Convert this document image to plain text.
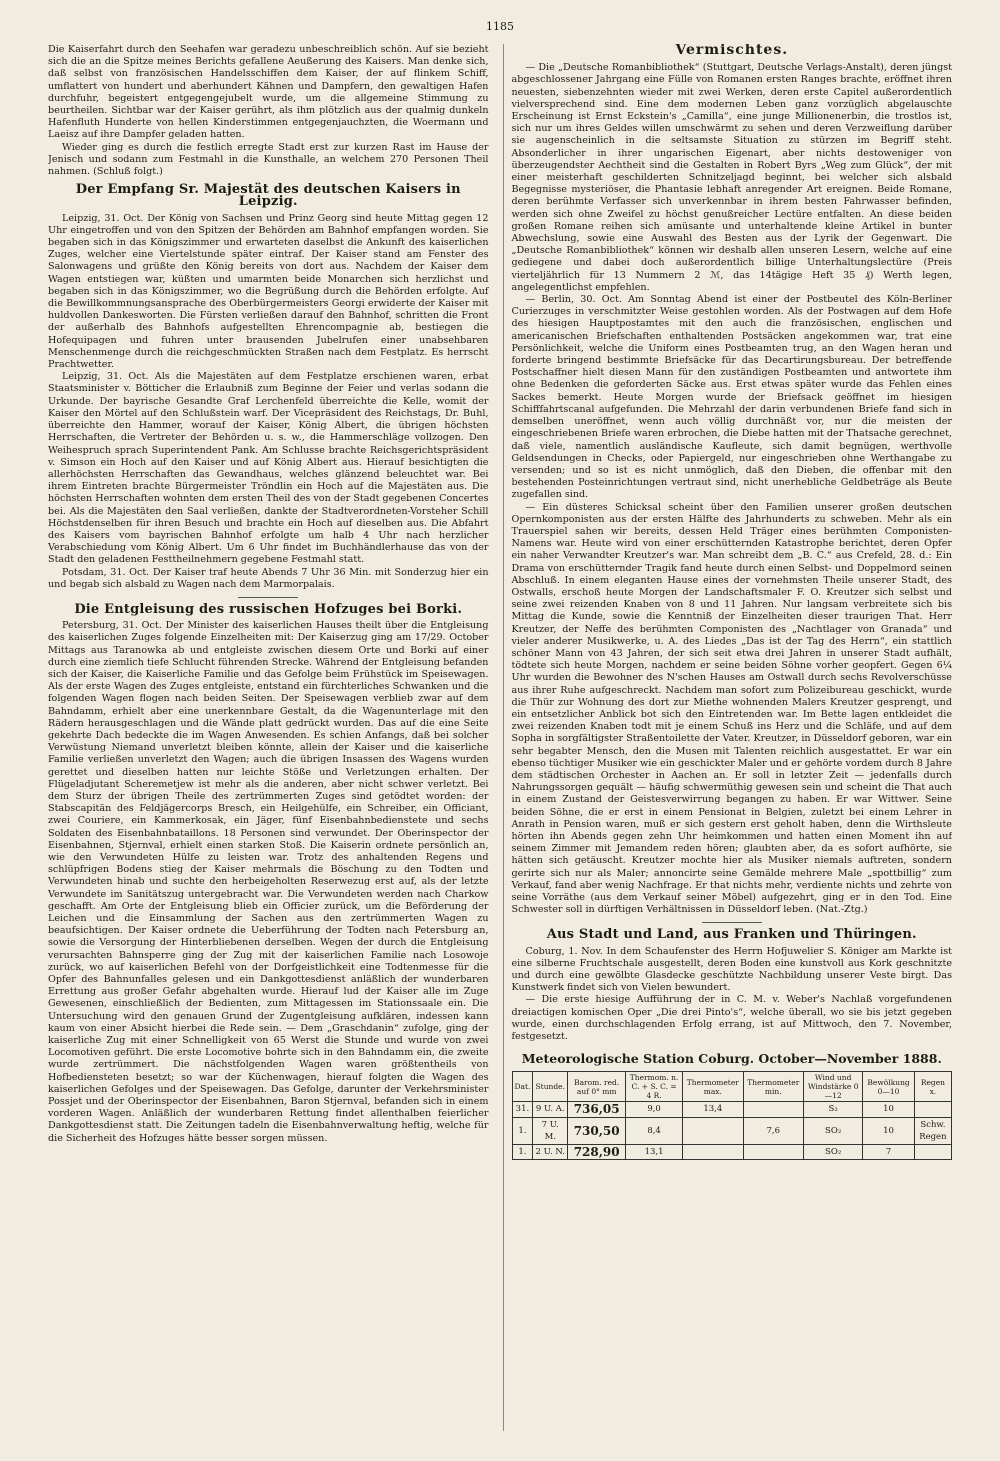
1185

Die Kaiserfahrt durch den Seehafen war geradezu unbeschreiblich schön. Auf sie bezieht sich die an die Spitze meines Berichts gefallene Aeußerung des Kaisers. Man denke sich, daß selbst von französischen Handelsschiffen dem Kaiser, der auf flinkem Schiff, umflattert von hundert und aberhundert Kähnen und Dampfern, den gewaltigen Hafen durchfuhr, begeistert entgegengejubelt wurde, um die allgemeine Stimmung zu beurtheilen. Sichtbar war der Kaiser gerührt, als ihm plötzlich aus der qualmig dunkeln Hafenfluth Hunderte von hellen Kinderstimmen entgegenjauchzten, die Woermann und Laeisz auf ihre Dampfer geladen hatten.

Wieder ging es durch die festlich erregte Stadt erst zur kurzen Rast im Hause der Jenisch und sodann zum Festmahl in die Kunsthalle, an welchem 270 Personen Theil nahmen. (Schluß folgt.)

Der Empfang Sr. Majestät des deutschen Kaisers in Leipzig.

Leipzig, 31. Oct. Der König von Sachsen und Prinz Georg sind heute Mittag gegen 12 Uhr eingetroffen und von den Spitzen der Behörden am Bahnhof empfangen worden. Sie begaben sich in das Königszimmer und erwarteten daselbst die Ankunft des kaiserlichen Zuges, welcher eine Viertelstunde später eintraf. Der Kaiser stand am Fenster des Salonwagens und grüßte den König bereits von dort aus. Nachdem der Kaiser dem Wagen entstiegen war, küßten und umarmten beide Monarchen sich herzlichst und begaben sich in das Königszimmer, wo die Begrüßung durch die Behörden erfolgte. Auf die Bewillkommnungsansprache des Oberbürgermeisters Georgi erwiderte der Kaiser mit huldvollen Dankesworten. Die Fürsten verließen darauf den Bahnhof, schritten die Front der außerhalb des Bahnhofs aufgestellten Ehrencompagnie ab, bestiegen die Hofequipagen und fuhren unter brausenden Jubelrufen einer unabsehbaren Menschenmenge durch die reichgeschmückten Straßen nach dem Festplatz. Es herrscht Prachtwetter.

Leipzig, 31. Oct. Als die Majestäten auf dem Festplatze erschienen waren, erbat Staatsminister v. Bötticher die Erlaubniß zum Beginne der Feier und verlas sodann die Urkunde. Der bayrische Gesandte Graf Lerchenfeld überreichte die Kelle, womit der Kaiser den Mörtel auf den Schlußstein warf. Der Vicepräsident des Reichstags, Dr. Buhl, überreichte den Hammer, worauf der Kaiser, König Albert, die übrigen höchsten Herrschaften, die Vertreter der Behörden u. s. w., die Hammerschläge vollzogen. Den Weihespruch sprach Superintendent Pank. Am Schlusse brachte Reichsgerichtspräsident v. Simson ein Hoch auf den Kaiser und auf König Albert aus. Hierauf besichtigten die allerhöchsten Herrschaften das Gewandhaus, welches glänzend beleuchtet war. Bei ihrem Eintreten brachte Bürgermeister Tröndlin ein Hoch auf die Majestäten aus. Die höchsten Herrschaften wohnten dem ersten Theil des von der Stadt gegebenen Concertes bei. Als die Majestäten den Saal verließen, dankte der Stadtverordneten-Vorsteher Schill Höchstdenselben für ihren Besuch und brachte ein Hoch auf dieselben aus. Die Abfahrt des Kaisers vom bayrischen Bahnhof erfolgte um halb 4 Uhr nach herzlicher Verabschiedung vom König Albert. Um 6 Uhr findet im Buchhändlerhause das von der Stadt den geladenen Festtheilnehmern gegebene Festmahl statt.

Potsdam, 31. Oct. Der Kaiser traf heute Abends 7 Uhr 36 Min. mit Sonderzug hier ein und begab sich alsbald zu Wagen nach dem Marmorpalais.

Die Entgleisung des russischen Hofzuges bei Borki.

Petersburg, 31. Oct. Der Minister des kaiserlichen Hauses theilt über die Entgleisung des kaiserlichen Zuges folgende Einzelheiten mit: Der Kaiserzug ging am 17/29. October Mittags aus Taranowka ab und entgleiste zwischen diesem Orte und Borki auf einer durch eine ziemlich tiefe Schlucht führenden Strecke. Während der Entgleisung befanden sich der Kaiser, die Kaiserliche Familie und das Gefolge beim Frühstück im Speisewagen. Als der erste Wagen des Zuges entgleiste, entstand ein fürchterliches Schwanken und die folgenden Wagen flogen nach beiden Seiten. Der Speisewagen verblieb zwar auf dem Bahndamm, erhielt aber eine unerkennbare Gestalt, da die Wagenunterlage mit den Rädern herausgeschlagen und die Wände platt gedrückt wurden. Das auf die eine Seite gekehrte Dach bedeckte die im Wagen Anwesenden. Es schien Anfangs, daß bei solcher Verwüstung Niemand unverletzt bleiben könnte, allein der Kaiser und die kaiserliche Familie verließen unverletzt den Wagen; auch die übrigen Insassen des Wagens wurden gerettet und dieselben hatten nur leichte Stöße und Verletzungen erhalten. Der Flügeladjutant Scheremetjew ist mehr als die anderen, aber nicht schwer verletzt. Bei dem Sturz der übrigen Theile des zertrümmerten Zuges sind getödtet worden: der Stabscapitän des Feldjägercorps Bresch, ein Heilgehülfe, ein Schreiber, ein Officiant, zwei Couriere, ein Kammerkosak, ein Jäger, fünf Eisenbahnbedienstete und sechs Soldaten des Eisenbahnbataillons. 18 Personen sind verwundet. Der Oberinspector der Eisenbahnen, Stjernval, erhielt einen starken Stoß. Die Kaiserin ordnete persönlich an, wie den Verwundeten Hülfe zu leisten war. Trotz des anhaltenden Regens und schlüpfrigen Bodens stieg der Kaiser mehrmals die Böschung zu den Todten und Verwundeten hinab und suchte den herbeigeholten Reserwezug erst auf, als der letzte Verwundete im Sanitätszug untergebracht war. Die Verwundeten werden nach Charkow geschafft. Am Orte der Entgleisung blieb ein Officier zurück, um die Beförderung der Leichen und die Einsammlung der Sachen aus den zertrümmerten Wagen zu beaufsichtigen. Der Kaiser ordnete die Ueberführung der Todten nach Petersburg an, sowie die Versorgung der Hinterbliebenen derselben. Wegen der durch die Entgleisung verursachten Bahnsperre ging der Zug mit der kaiserlichen Familie nach Losowoje zurück, wo auf kaiserlichen Befehl von der Dorfgeistlichkeit eine Todtenmesse für die Opfer des Bahnunfalles gelesen und ein Dankgottesdienst anläßlich der wunderbaren Errettung aus großer Gefahr abgehalten wurde. Hierauf lud der Kaiser alle im Zuge Gewesenen, einschließlich der Bedienten, zum Mittagessen im Stationssaale ein. Die Untersuchung wird den genauen Grund der Zugentgleisung aufklären, indessen kann kaum von einer Absicht hierbei die Rede sein. — Dem „Graschdanin“ zufolge, ging der kaiserliche Zug mit einer Schnelligkeit von 65 Werst die Stunde und wurde von zwei Locomotiven geführt. Die erste Locomotive bohrte sich in den Bahndamm ein, die zweite wurde zertrümmert. Die nächstfolgenden Wagen waren größtentheils von Hofbediensteten besetzt; so war der Küchenwagen, hierauf folgten die Wagen des kaiserlichen Gefolges und der Speisewagen. Das Gefolge, darunter der Verkehrsminister Possjet und der Oberinspector der Eisenbahnen, Baron Stjernval, befanden sich in einem vorderen Wagen. Anläßlich der wunderbaren Rettung findet allenthalben feierlicher Dankgottesdienst statt. Die Zeitungen tadeln die Eisenbahnverwaltung heftig, welche für die Sicherheit des Hofzuges hätte besser sorgen müssen.

Vermischtes.

— Die „Deutsche Romanbibliothek“ (Stuttgart, Deutsche Verlags-Anstalt), deren jüngst abgeschlossener Jahrgang eine Fülle von Romanen ersten Ranges brachte, eröffnet ihren neuesten, siebenzehnten wieder mit zwei Werken, deren erste Capitel außerordentlich vielversprechend sind. Eine dem modernen Leben ganz vorzüglich abgelauschte Erscheinung ist Ernst Eckstein's „Camilla“, eine junge Millionenerbin, die trostlos ist, sich nur um ihres Geldes willen umschwärmt zu sehen und deren Verzweiflung darüber sie augenscheinlich in die seltsamste Situation zu stürzen im Begriff steht. Absonderlicher in ihrer ungarischen Eigenart, aber nichts destoweniger von überzeugendster Aechtheit sind die Gestalten in Robert Byrs „Weg zum Glück“, der mit einer meisterhaft geschilderten Schnitzeljagd beginnt, bei welcher sich alsbald Begegnisse mysteriöser, die Phantasie lebhaft anregender Art ereignen. Beide Romane, deren berühmte Verfasser sich unverkennbar in ihrem besten Fahrwasser befinden, werden sich ohne Zweifel zu höchst genußreicher Lectüre entfalten. An diese beiden großen Romane reihen sich amüsante und unterhaltende kleine Artikel in bunter Abwechslung, sowie eine Auswahl des Besten aus der Lyrik der Gegenwart. Die „Deutsche Romanbibliothek“ können wir deshalb allen unseren Lesern, welche auf eine gediegene und dabei doch außerordentlich billige Unterhaltungslectüre (Preis vierteljährlich für 13 Nummern 2 ℳ, das 14tägige Heft 35 ₰) Werth legen, angelegentlichst empfehlen.

— Berlin, 30. Oct. Am Sonntag Abend ist einer der Postbeutel des Köln-Berliner Curierzuges in verschmitzter Weise gestohlen worden. Als der Postwagen auf dem Hofe des hiesigen Hauptpostamtes mit den auch die französischen, englischen und americanischen Briefschaften enthaltenden Postsäcken angekommen war, trat eine Persönlichkeit, welche die Uniform eines Postbeamten trug, an den Wagen heran und forderte bringend bestimmte Briefsäcke für das Decartirungsbureau. Der betreffende Postschaffner hielt diesen Mann für den zuständigen Postbeamten und antwortete ihm ohne Bedenken die geforderten Säcke aus. Erst etwas später wurde das Fehlen eines Sackes bemerkt. Heute Morgen wurde der Briefsack geöffnet im hiesigen Schifffahrtscanal aufgefunden. Die Mehrzahl der darin verbundenen Briefe fand sich in demselben uneröffnet, wenn auch völlig durchnäßt vor, nur die meisten der eingeschriebenen Briefe waren erbrochen, die Diebe hatten mit der Thatsache gerechnet, daß viele, namentlich ausländische Kaufleute, sich damit begnügen, werthvolle Geldsendungen in Checks, oder Papiergeld, nur eingeschrieben ohne Werthangabe zu versenden; und so ist es nicht unmöglich, daß den Dieben, die offenbar mit den bestehenden Posteinrichtungen vertraut sind, nicht unerhebliche Geldbeträge als Beute zugefallen sind.

— Ein düsteres Schicksal scheint über den Familien unserer großen deutschen Opernkomponisten aus der ersten Hälfte des Jahrhunderts zu schweben. Mehr als ein Trauerspiel sahen wir bereits, dessen Held Träger eines berühmten Componisten-Namens war. Heute wird von einer erschütternden Katastrophe berichtet, deren Opfer ein naher Verwandter Kreutzer's war. Man schreibt dem „B. C.“ aus Crefeld, 28. d.: Ein Drama von erschütternder Tragik fand heute durch einen Selbst- und Doppelmord seinen Abschluß. In einem eleganten Hause eines der vornehmsten Theile unserer Stadt, des Ostwalls, erschoß heute Morgen der Landschaftsmaler F. O. Kreutzer sich selbst und seine zwei reizenden Knaben von 8 und 11 Jahren. Nur langsam verbreitete sich bis Mittag die Kunde, sowie die Kenntniß der Einzelheiten dieser traurigen That. Herr Kreutzer, der Neffe des berühmten Componisten des „Nachtlager von Granada“ und vieler anderer Musikwerke, u. A. des Liedes „Das ist der Tag des Herrn“, ein stattlich schöner Mann von 43 Jahren, der sich seit etwa drei Jahren in unserer Stadt aufhält, tödtete sich heute Morgen, nachdem er seine beiden Söhne vorher geopfert. Gegen 6¼ Uhr wurden die Bewohner des N'schen Hauses am Ostwall durch sechs Revolverschüsse aus ihrer Ruhe aufgeschreckt. Nachdem man sofort zum Polizeibureau geschickt, wurde die Thür zur Wohnung des dort zur Miethe wohnenden Malers Kreutzer gesprengt, und ein entsetzlicher Anblick bot sich den Eintretenden war. Im Bette lagen entkleidet die zwei reizenden Knaben todt mit je einem Schuß ins Herz und die Schläfe, und auf dem Sopha in sorgfältigster Straßentoilette der Vater. Kreutzer, in Düsseldorf geboren, war ein sehr begabter Mensch, den die Musen mit Talenten reichlich ausgestattet. Er war ein ebenso tüchtiger Musiker wie ein geschickter Maler und er gehörte vordem durch 8 Jahre dem städtischen Orchester in Aachen an. Er soll in letzter Zeit — jedenfalls durch Nahrungssorgen gequält — häufig schwermüthig gewesen sein und scheint die That auch in einem Zustand der Geistesverwirrung begangen zu haben. Er war Wittwer. Seine beiden Söhne, die er erst in einem Pensionat in Belgien, zuletzt bei einem Lehrer in Anrath in Pension waren, muß er sich gestern erst geholt haben, denn die Wirthsleute hörten ihn Abends gegen zehn Uhr heimkommen und hatten einen Moment ihn auf seinem Zimmer mit Jemandem reden hören; glaubten aber, da es sofort aufhörte, sie hätten sich getäuscht. Kreutzer mochte hier als Musiker niemals auftreten, sondern gerirte sich nur als Maler; annoncirte seine Gemälde mehrere Male „spottbillig“ zum Verkauf, fand aber wenig Nachfrage. Er that nichts mehr, verdiente nichts und zehrte von seine Vorräthe (aus dem Verkauf seiner Möbel) aufgezehrt, ging er in den Tod. Eine Schwester soll in dürftigen Verhältnissen in Düsseldorf leben. (Nat.-Ztg.)

Aus Stadt und Land, aus Franken und Thüringen.

Coburg, 1. Nov. In dem Schaufenster des Herrn Hofjuwelier S. Königer am Markte ist eine silberne Fruchtschale ausgestellt, deren Boden eine kunstvoll aus Kork geschnitzte und durch eine gewölbte Glasdecke geschützte Nachbildung unserer Veste birgt. Das Kunstwerk findet sich von Vielen bewundert.

— Die erste hiesige Aufführung der in C. M. v. Weber's Nachlaß vorgefundenen dreiactigen komischen Oper „Die drei Pinto's“, welche überall, wo sie bis jetzt gegeben wurde, einen durchschlagenden Erfolg errang, ist auf Mittwoch, den 7. November, festgesetzt.

Meteorologische Station Coburg. October—November 1888.
Dat.	Stunde.	Barom. red. auf 0° mm	Thermom. n. C. + S. C. = 4 R.	Thermometer max.	Thermometer min.	Wind und Windstärke 0—12	Bewölkung 0—10	Regen x.
31.	9 U. A.	736,05	9,0	13,4		S₂	10	
1.	7 U. M.	730,50	8,4		7,6	SO₂	10	Schw. Regen
1.	2 U. N.	728,90	13,1			SO₂	7	
